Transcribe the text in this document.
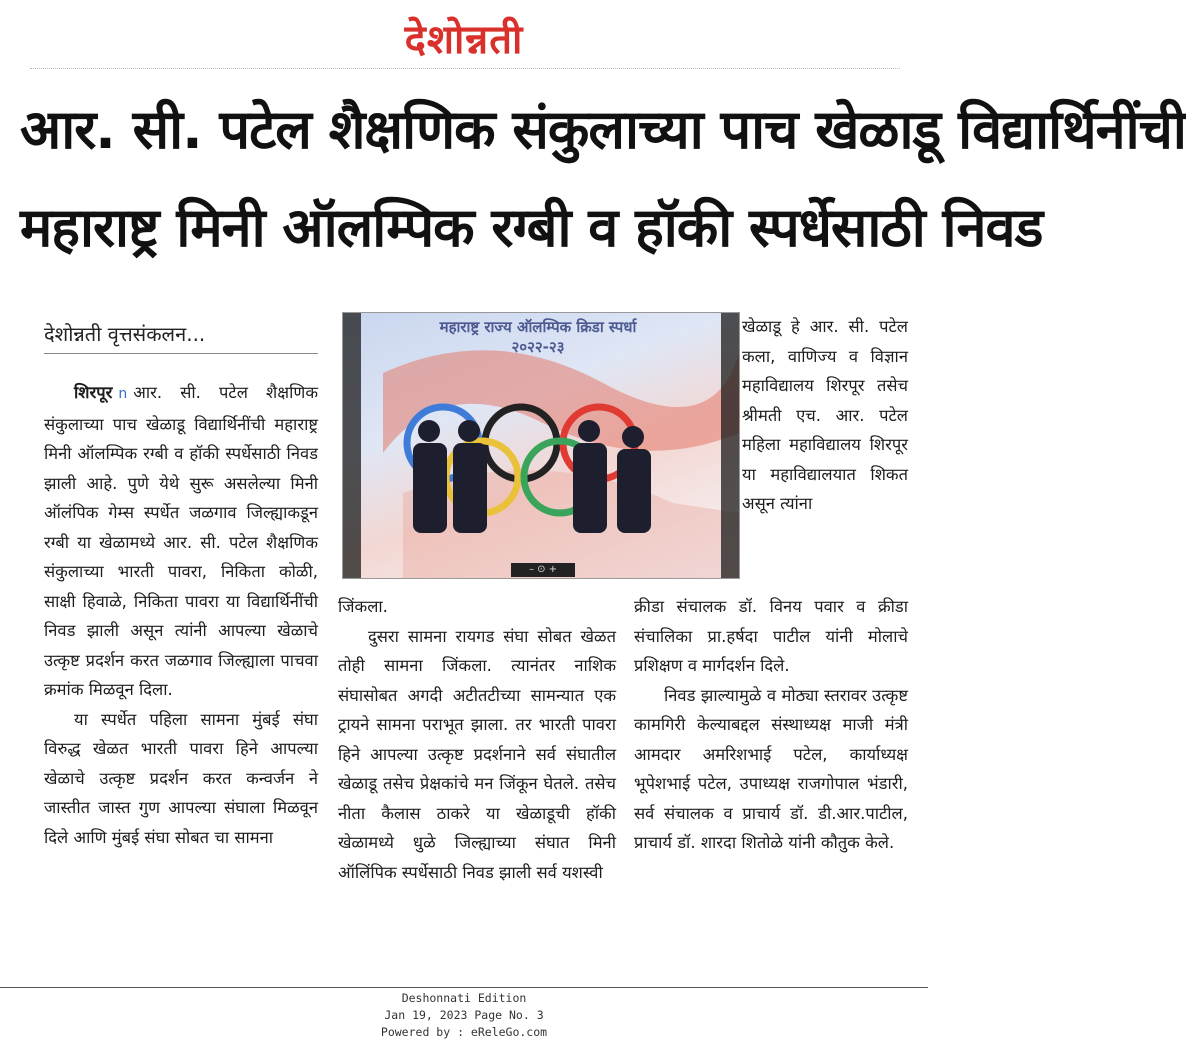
देशोन्नती
आर. सी. पटेल शैक्षणिक संकुलाच्या पाच खेळाडू विद्यार्थिनींची
महाराष्ट्र मिनी ऑलम्पिक रग्बी व हॉकी स्पर्धेसाठी निवड
देशोन्नती वृत्तसंकलन...

शिरपूर n आर. सी. पटेल शैक्षणिक संकुलाच्या पाच खेळाडू विद्यार्थिनींची महाराष्ट्र मिनी ऑलम्पिक रग्बी व हॉकी स्पर्धेसाठी निवड झाली आहे. पुणे येथे सुरू असलेल्या मिनी ऑलंपिक गेम्स स्पर्धेत जळगाव जिल्ह्याकडून रग्बी या खेळामध्ये आर. सी. पटेल शैक्षणिक संकुलाच्या भारती पावरा, निकिता कोळी, साक्षी हिवाळे, निकिता पावरा या विद्यार्थिनींची निवड झाली असून त्यांनी आपल्या खेळाचे उत्कृष्ट प्रदर्शन करत जळगाव जिल्ह्याला पाचवा क्रमांक मिळवून दिला.

या स्पर्धेत पहिला सामना मुंबई संघा विरुद्ध खेळत भारती पावरा हिने आपल्या खेळाचे उत्कृष्ट प्रदर्शन करत कन्वर्जन ने जास्तीत जास्त गुण आपल्या संघाला मिळवून दिले आणि मुंबई संघा सोबत चा सामना

महाराष्ट्र राज्य ऑलम्पिक क्रिडा स्पर्धा २०२२-२३
– ⊙ +

जिंकला.

दुसरा सामना रायगड संघा सोबत खेळत तोही सामना जिंकला. त्यानंतर नाशिक संघासोबत अगदी अटीतटीच्या सामन्यात एक ट्रायने सामना पराभूत झाला. तर भारती पावरा हिने आपल्या उत्कृष्ट प्रदर्शनाने सर्व संघातील खेळाडू तसेच प्रेक्षकांचे मन जिंकून घेतले. तसेच नीता कैलास ठाकरे या खेळाडूची हॉकी खेळामध्ये धुळे जिल्ह्याच्या संघात मिनी ऑलिंपिक स्पर्धेसाठी निवड झाली सर्व यशस्वी

खेळाडू हे आर. सी. पटेल कला, वाणिज्य व विज्ञान महाविद्यालय शिरपूर तसेच श्रीमती एच. आर. पटेल महिला महाविद्यालय शिरपूर या महाविद्यालयात शिकत असून त्यांना

क्रीडा संचालक डॉ. विनय पवार व क्रीडा संचालिका प्रा.हर्षदा पाटील यांनी मोलाचे प्रशिक्षण व मार्गदर्शन दिले.

निवड झाल्यामुळे व मोठ्या स्तरावर उत्कृष्ट कामगिरी केल्याबद्दल संस्थाध्यक्ष माजी मंत्री आमदार अमरिशभाई पटेल, कार्याध्यक्ष भूपेशभाई पटेल, उपाध्यक्ष राजगोपाल भंडारी, सर्व संचालक व प्राचार्य डॉ. डी.आर.पाटील, प्राचार्य डॉ. शारदा शितोळे यांनी कौतुक केले.

Deshonnati Edition
Jan 19, 2023 Page No. 3
Powered by : eReleGo.com
